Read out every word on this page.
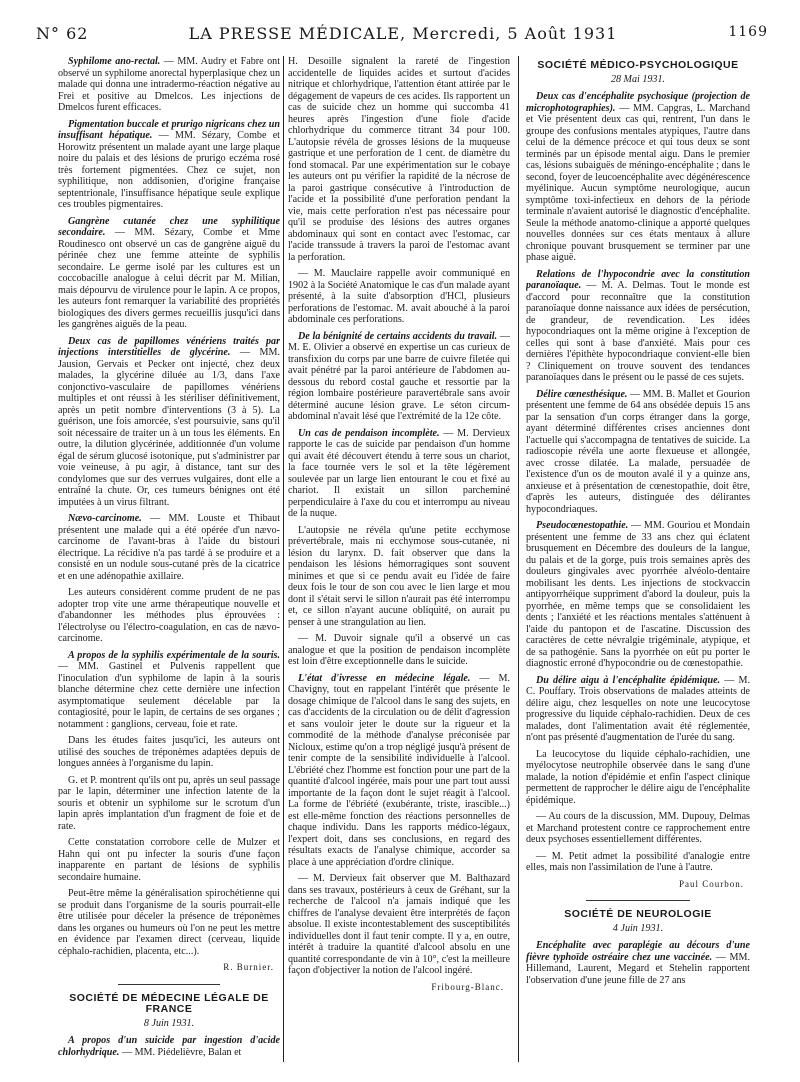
N° 62	LA PRESSE MÉDICALE, Mercredi, 5 Août 1931	1169

Syphilome ano-rectal. — MM. Audry et Fabre ont observé un syphilome anorectal hyperplasique chez un malade qui donna une intradermo-réaction négative au Frei et positive au Dmelcos. Les injections de Dmelcos furent efficaces.

Pigmentation buccale et prurigo nigricans chez un insuffisant hépatique. — MM. Sézary, Combe et Horowitz présentent un malade ayant une large plaque noire du palais et des lésions de prurigo eczéma rosé très fortement pigmentées. Chez ce sujet, non syphilitique, non addisonien, d'origine française septentrionale, l'insuffisance hépatique seule explique ces troubles pigmentaires.

Gangrène cutanée chez une syphilitique secondaire. — MM. Sézary, Combe et Mme Roudinesco ont observé un cas de gangrène aiguë du périnée chez une femme atteinte de syphilis secondaire. Le germe isolé par les cultures est un coccobacille analogue à celui décrit par M. Milian, mais dépourvu de virulence pour le lapin. A ce propos, les auteurs font remarquer la variabilité des propriétés biologiques des divers germes recueillis jusqu'ici dans les gangrènes aiguës de la peau.

Deux cas de papillomes vénériens traités par injections interstitielles de glycérine. — MM. Jausion, Gervais et Pecker ont injecté, chez deux malades, la glycérine diluée au 1/3, dans l'axe conjonctivo-vasculaire de papillomes vénériens multiples et ont réussi à les stériliser définitivement, après un petit nombre d'interventions (3 à 5). La guérison, une fois amorcée, s'est poursuivie, sans qu'il soit nécessaire de traiter un à un tous les éléments. En outre, la dilution glycérinée, additionnée d'un volume égal de sérum glucosé isotonique, put s'administrer par voie veineuse, à pu agir, à distance, tant sur des condylomes que sur des verrues vulgaires, dont elle a entraîné la chute. Or, ces tumeurs bénignes ont été imputées à un virus filtrant.

Nævo-carcinome. — MM. Louste et Thibaut présentent une malade qui a été opérée d'un nævo-carcinome de l'avant-bras à l'aide du bistouri électrique. La récidive n'a pas tardé à se produire et a consisté en un nodule sous-cutané près de la cicatrice et en une adénopathie axillaire.

Les auteurs considèrent comme prudent de ne pas adopter trop vite une arme thérapeutique nouvelle et d'abandonner les méthodes plus éprouvées : l'électrolyse ou l'électro-coagulation, en cas de nævo-carcinome.

A propos de la syphilis expérimentale de la souris. — MM. Gastinel et Pulvenis rappellent que l'inoculation d'un syphilome de lapin à la souris blanche détermine chez cette dernière une infection asymptomatique seulement décelable par la contagiosité, pour le lapin, de certains de ses organes ; notamment : ganglions, cerveau, foie et rate.

Dans les études faites jusqu'ici, les auteurs ont utilisé des souches de tréponèmes adaptées depuis de longues années à l'organisme du lapin.

G. et P. montrent qu'ils ont pu, après un seul passage par le lapin, déterminer une infection latente de la souris et obtenir un syphilome sur le scrotum d'un lapin après implantation d'un fragment de foie et de rate.

Cette constatation corrobore celle de Mulzer et Hahn qui ont pu infecter la souris d'une façon inapparente en partant de lésions de syphilis secondaire humaine.

Peut-être même la généralisation spirochétienne qui se produit dans l'organisme de la souris pourrait-elle être utilisée pour déceler la présence de tréponèmes dans les organes ou humeurs où l'on ne peut les mettre en évidence par l'examen direct (cerveau, liquide céphalo-rachidien, placenta, etc...).

R. Burnier.

SOCIÉTÉ DE MÉDECINE LÉGALE DE FRANCE

8 Juin 1931.

A propos d'un suicide par ingestion d'acide chlorhydrique. — MM. Piédelièvre, Balan et

H. Desoille signalent la rareté de l'ingestion accidentelle de liquides acides et surtout d'acides nitrique et chlorhydrique, l'attention étant attirée par le dégagement de vapeurs de ces acides. Ils rapportent un cas de suicide chez un homme qui succomba 41 heures après l'ingestion d'une fiole d'acide chlorhydrique du commerce titrant 34 pour 100. L'autopsie révéla de grosses lésions de la muqueuse gastrique et une perforation de 1 cent. de diamètre du fond stomacal. Par une expérimentation sur le cobaye les auteurs ont pu vérifier la rapidité de la nécrose de la paroi gastrique consécutive à l'introduction de l'acide et la possibilité d'une perforation pendant la vie, mais cette perforation n'est pas nécessaire pour qu'il se produise des lésions des autres organes abdominaux qui sont en contact avec l'estomac, car l'acide transsude à travers la paroi de l'estomac avant la perforation.

— M. Mauclaire rappelle avoir communiqué en 1902 à la Société Anatomique le cas d'un malade ayant présenté, à la suite d'absorption d'HCl, plusieurs perforations de l'estomac. M. avait abouché à la paroi abdominale ces perforations.

De la bénignité de certains accidents du travail. — M. E. Olivier a observé en expertise un cas curieux de transfixion du corps par une barre de cuivre filetée qui avait pénétré par la paroi antérieure de l'abdomen au-dessous du rebord costal gauche et ressortie par la région lombaire postérieure paravertébrale sans avoir déterminé aucune lésion grave. Le séton circum-abdominal n'avait lésé que l'extrémité de la 12e côte.

Un cas de pendaison incomplète. — M. Dervieux rapporte le cas de suicide par pendaison d'un homme qui avait été découvert étendu à terre sous un chariot, la face tournée vers le sol et la tête légèrement soulevée par un large lien entourant le cou et fixé au chariot. Il existait un sillon parcheminé perpendiculaire à l'axe du cou et interrompu au niveau de la nuque.

L'autopsie ne révéla qu'une petite ecchymose prévertébrale, mais ni ecchymose sous-cutanée, ni lésion du larynx. D. fait observer que dans la pendaison les lésions hémorragiques sont souvent minimes et que si ce pendu avait eu l'idée de faire deux fois le tour de son cou avec le lien large et mou dont il s'était servi le sillon n'aurait pas été interrompu et, ce sillon n'ayant aucune obliquité, on aurait pu penser à une strangulation au lien.

— M. Duvoir signale qu'il a observé un cas analogue et que la position de pendaison incomplète est loin d'être exceptionnelle dans le suicide.

L'état d'ivresse en médecine légale. — M. Chavigny, tout en rappelant l'intérêt que présente le dosage chimique de l'alcool dans le sang des sujets, en cas d'accidents de la circulation ou de délit d'agression et sans vouloir jeter le doute sur la rigueur et la commodité de la méthode d'analyse préconisée par Nicloux, estime qu'on a trop négligé jusqu'à présent de tenir compte de la sensibilité individuelle à l'alcool. L'ébriété chez l'homme est fonction pour une part de la quantité d'alcool ingérée, mais pour une part tout aussi importante de la façon dont le sujet réagit à l'alcool. La forme de l'ébriété (exubérante, triste, irascible...) est elle-même fonction des réactions personnelles de chaque individu. Dans les rapports médico-légaux, l'expert doit, dans ses conclusions, en regard des résultats exacts de l'analyse chimique, accorder sa place à une appréciation d'ordre clinique.

— M. Dervieux fait observer que M. Balthazard dans ses travaux, postérieurs à ceux de Gréhant, sur la recherche de l'alcool n'a jamais indiqué que les chiffres de l'analyse devaient être interprétés de façon absolue. Il existe incontestablement des susceptibilités individuelles dont il faut tenir compte. Il y a, en outre, intérêt à traduire la quantité d'alcool absolu en une quantité correspondante de vin à 10°, c'est la meilleure façon d'objectiver la notion de l'alcool ingéré.

Fribourg-Blanc.

SOCIÉTÉ MÉDICO-PSYCHOLOGIQUE

28 Mai 1931.

Deux cas d'encéphalite psychosique (projection de microphotographies). — MM. Capgras, L. Marchand et Vie présentent deux cas qui, rentrent, l'un dans le groupe des confusions mentales atypiques, l'autre dans celui de la démence précoce et qui tous deux se sont terminés par un épisode mental aigu. Dans le premier cas, lésions subaiguës de méningo-encéphalite ; dans le second, foyer de leucoencéphalite avec dégénérescence myélinique. Aucun symptôme neurologique, aucun symptôme toxi-infectieux en dehors de la période terminale n'avaient autorisé le diagnostic d'encéphalite. Seule la méthode anatomo-clinique a apporté quelques nouvelles données sur ces états mentaux à allure chronique pouvant brusquement se terminer par une phase aiguë.

Relations de l'hypocondrie avec la constitution paranoïaque. — M. A. Delmas. Tout le monde est d'accord pour reconnaître que la constitution paranoïaque donne naissance aux idées de persécution, de grandeur, de revendication. Les idées hypocondriaques ont la même origine à l'exception de celles qui sont à base d'anxiété. Mais pour ces dernières l'épithète hypocondriaque convient-elle bien ? Cliniquement on trouve souvent des tendances paranoïaques dans le présent ou le passé de ces sujets.

Délire cœnesthésique. — MM. B. Mallet et Gourion présentent une femme de 64 ans obsédée depuis 15 ans par la sensation d'un corps étranger dans la gorge, ayant déterminé différentes crises anciennes dont l'actuelle qui s'accompagna de tentatives de suicide. La radioscopie révéla une aorte flexueuse et allongée, avec crosse dilatée. La malade, persuadée de l'existence d'un os de mouton avalé il y a quinze ans, anxieuse et à présentation de cœnestopathie, doit être, d'après les auteurs, distinguée des délirantes hypocondriaques.

Pseudocœnestopathie. — MM. Gouriou et Mondain présentent une femme de 33 ans chez qui éclatent brusquement en Décembre des douleurs de la langue, du palais et de la gorge, puis trois semaines après des douleurs gingivales avec pyorrhée alvéolo-dentaire mobilisant les dents. Les injections de stockvaccin antipyorrhéique suppriment d'abord la douleur, puis la pyorrhée, en même temps que se consolidaient les dents ; l'anxiété et les réactions mentales s'atténuent à l'aide du pantopon et de l'ascatine. Discussion des caractères de cette névralgie trigéminale, atypique, et de sa pathogénie. Sans la pyorrhée on eût pu porter le diagnostic erroné d'hypocondrie ou de cœnestopathie.

Du délire aigu à l'encéphalite épidémique. — M. C. Pouffary. Trois observations de malades atteints de délire aigu, chez lesquelles on note une leucocytose progressive du liquide céphalo-rachidien. Deux de ces malades, dont l'alimentation avait été réglementée, n'ont pas présenté d'augmentation de l'urée du sang.

La leucocytose du liquide céphalo-rachidien, une myélocytose neutrophile observée dans le sang d'une malade, la notion d'épidémie et enfin l'aspect clinique permettent de rapprocher le délire aigu de l'encéphalite épidémique.

— Au cours de la discussion, MM. Dupouy, Delmas et Marchand protestent contre ce rapprochement entre deux psychoses essentiellement différentes.

— M. Petit admet la possibilité d'analogie entre elles, mais non l'assimilation de l'une à l'autre.

Paul Courbon.

SOCIÉTÉ DE NEUROLOGIE

4 Juin 1931.

Encéphalite avec paraplégie au décours d'une fièvre typhoïde ostréaire chez une vaccinée. — MM. Hillemand, Laurent, Megard et Stehelin rapportent l'observation d'une jeune fille de 27 ans
